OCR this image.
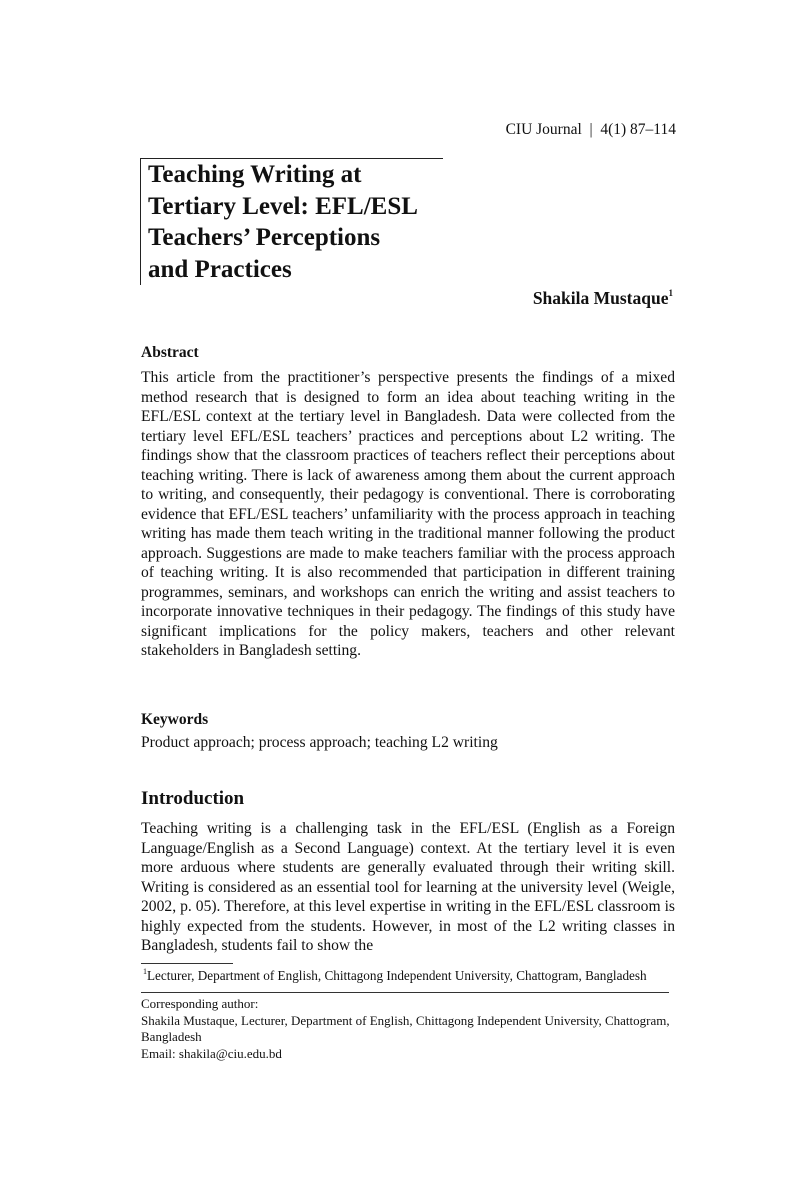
CIU Journal  |  4(1) 87–114
Teaching Writing at
Tertiary Level: EFL/ESL
Teachers’ Perceptions
and Practices
Shakila Mustaque$^1$
Abstract
This article from the practitioner’s perspective presents the findings of a mixed method research that is designed to form an idea about teaching writing in the EFL/ESL context at the tertiary level in Bangladesh. Data were collected from the tertiary level EFL/ESL teachers’ practices and perceptions about L2 writing. The findings show that the classroom practices of teachers reflect their perceptions about teaching writing. There is lack of awareness among them about the current approach to writing, and consequently, their pedagogy is conventional. There is corroborating evidence that EFL/ESL teachers’ unfamiliarity with the process approach in teaching writing has made them teach writing in the traditional manner following the product approach. Suggestions are made to make teachers familiar with the process approach of teaching writing. It is also recommended that participation in different training programmes, seminars, and workshops can enrich the writing and assist teachers to incorporate innovative techniques in their pedagogy. The findings of this study have significant implications for the policy makers, teachers and other relevant stakeholders in Bangladesh setting.
Keywords
Product approach; process approach; teaching L2 writing
Introduction
Teaching writing is a challenging task in the EFL/ESL (English as a Foreign Language/English as a Second Language) context. At the tertiary level it is even more arduous where students are generally evaluated through their writing skill. Writing is considered as an essential tool for learning at the university level (Weigle, 2002, p. 05). Therefore, at this level expertise in writing in the EFL/ESL classroom is highly expected from the students. However, in most of the L2 writing classes in Bangladesh, students fail to show the
$^1$Lecturer, Department of English, Chittagong Independent University, Chattogram, Bangladesh
Corresponding author:
Shakila Mustaque, Lecturer, Department of English, Chittagong Independent University, Chattogram,
Bangladesh
Email: shakila@ciu.edu.bd
